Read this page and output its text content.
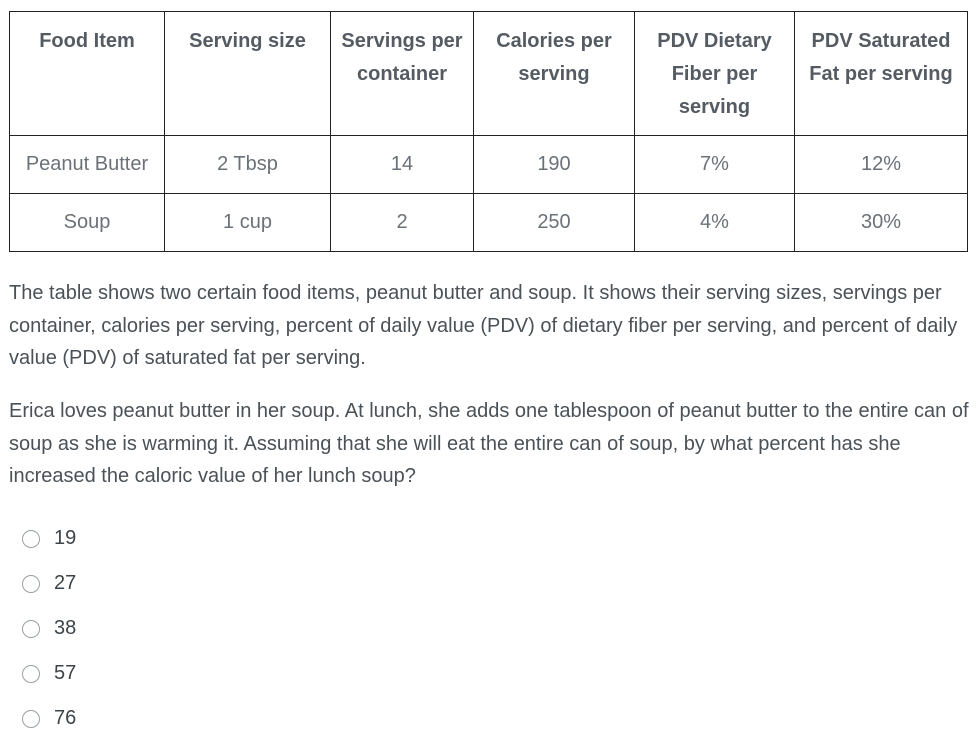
Food Item	Serving size	Servings per container	Calories per serving	PDV Dietary Fiber per serving	PDV Saturated Fat per serving
Peanut Butter	2 Tbsp	14	190	7%	12%
Soup	1 cup	2	250	4%	30%

The table shows two certain food items, peanut butter and soup. It shows their serving sizes, servings per container, calories per serving, percent of daily value (PDV) of dietary fiber per serving, and percent of daily value (PDV) of saturated fat per serving.

Erica loves peanut butter in her soup. At lunch, she adds one tablespoon of peanut butter to the entire can of soup as she is warming it. Assuming that she will eat the entire can of soup, by what percent has she increased the caloric value of her lunch soup?

19
27
38
57
76
